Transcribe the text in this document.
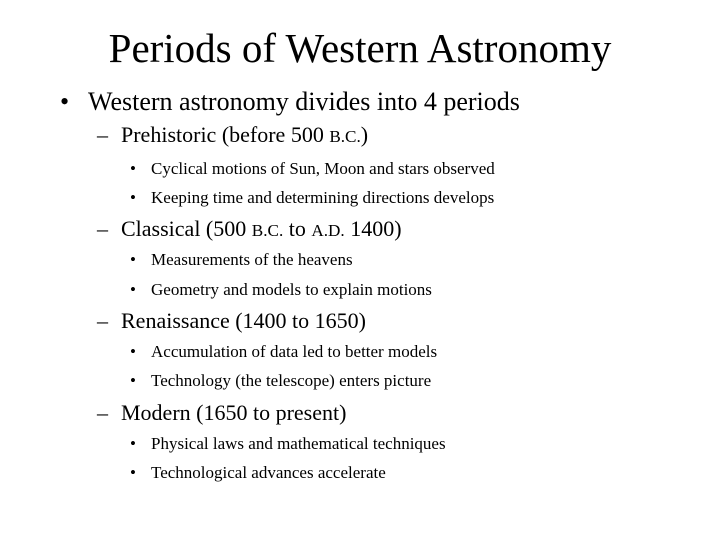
Periods of Western Astronomy
• Western astronomy divides into 4 periods
– Prehistoric (before 500 B.C.)
• Cyclical motions of Sun, Moon and stars observed
• Keeping time and determining directions develops
– Classical (500 B.C. to A.D. 1400)
• Measurements of the heavens
• Geometry and models to explain motions
– Renaissance (1400 to 1650)
• Accumulation of data led to better models
• Technology (the telescope) enters picture
– Modern (1650 to present)
• Physical laws and mathematical techniques
• Technological advances accelerate
